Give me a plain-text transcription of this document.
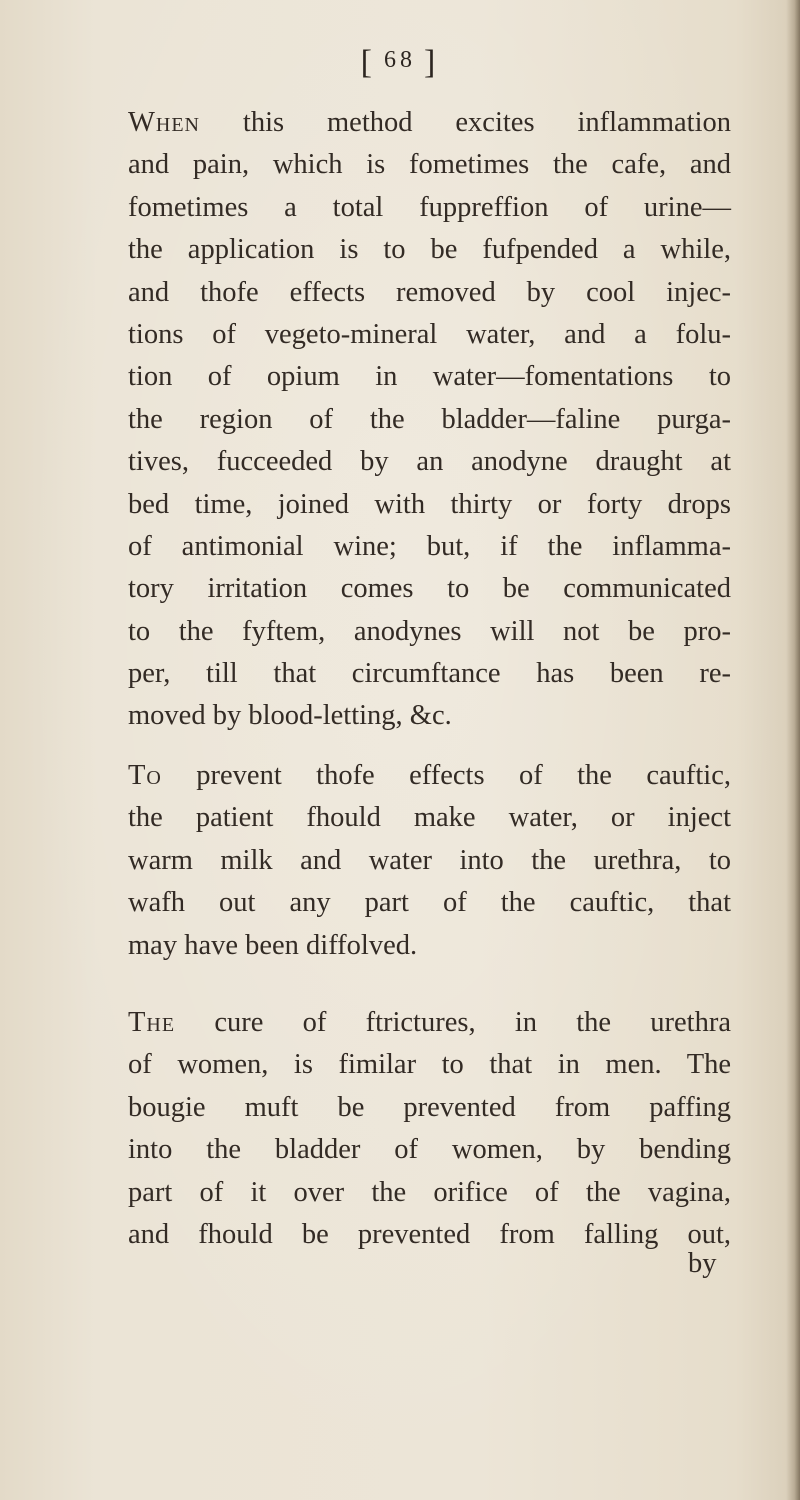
[ 68 ]
When this method excites inflammation
and pain, which is fometimes the cafe, and
fometimes a total fuppreffion of urine—
the application is to be fufpended a while,
and thofe effects removed by cool injec-
tions of vegeto-mineral water, and a folu-
tion of opium in water—fomentations to
the region of the bladder—faline purga-
tives, fucceeded by an anodyne draught at
bed time, joined with thirty or forty drops
of antimonial wine; but, if the inflamma-
tory irritation comes to be communicated
to the fyftem, anodynes will not be pro-
per, till that circumftance has been re-
moved by blood-letting, &c.
To prevent thofe effects of the cauftic,
the patient fhould make water, or inject
warm milk and water into the urethra, to
wafh out any part of the cauftic, that
may have been diffolved.
The cure of ftrictures, in the urethra
of women, is fimilar to that in men. The
bougie muft be prevented from paffing
into the bladder of women, by bending
part of it over the orifice of the vagina,
and fhould be prevented from falling out,
by
